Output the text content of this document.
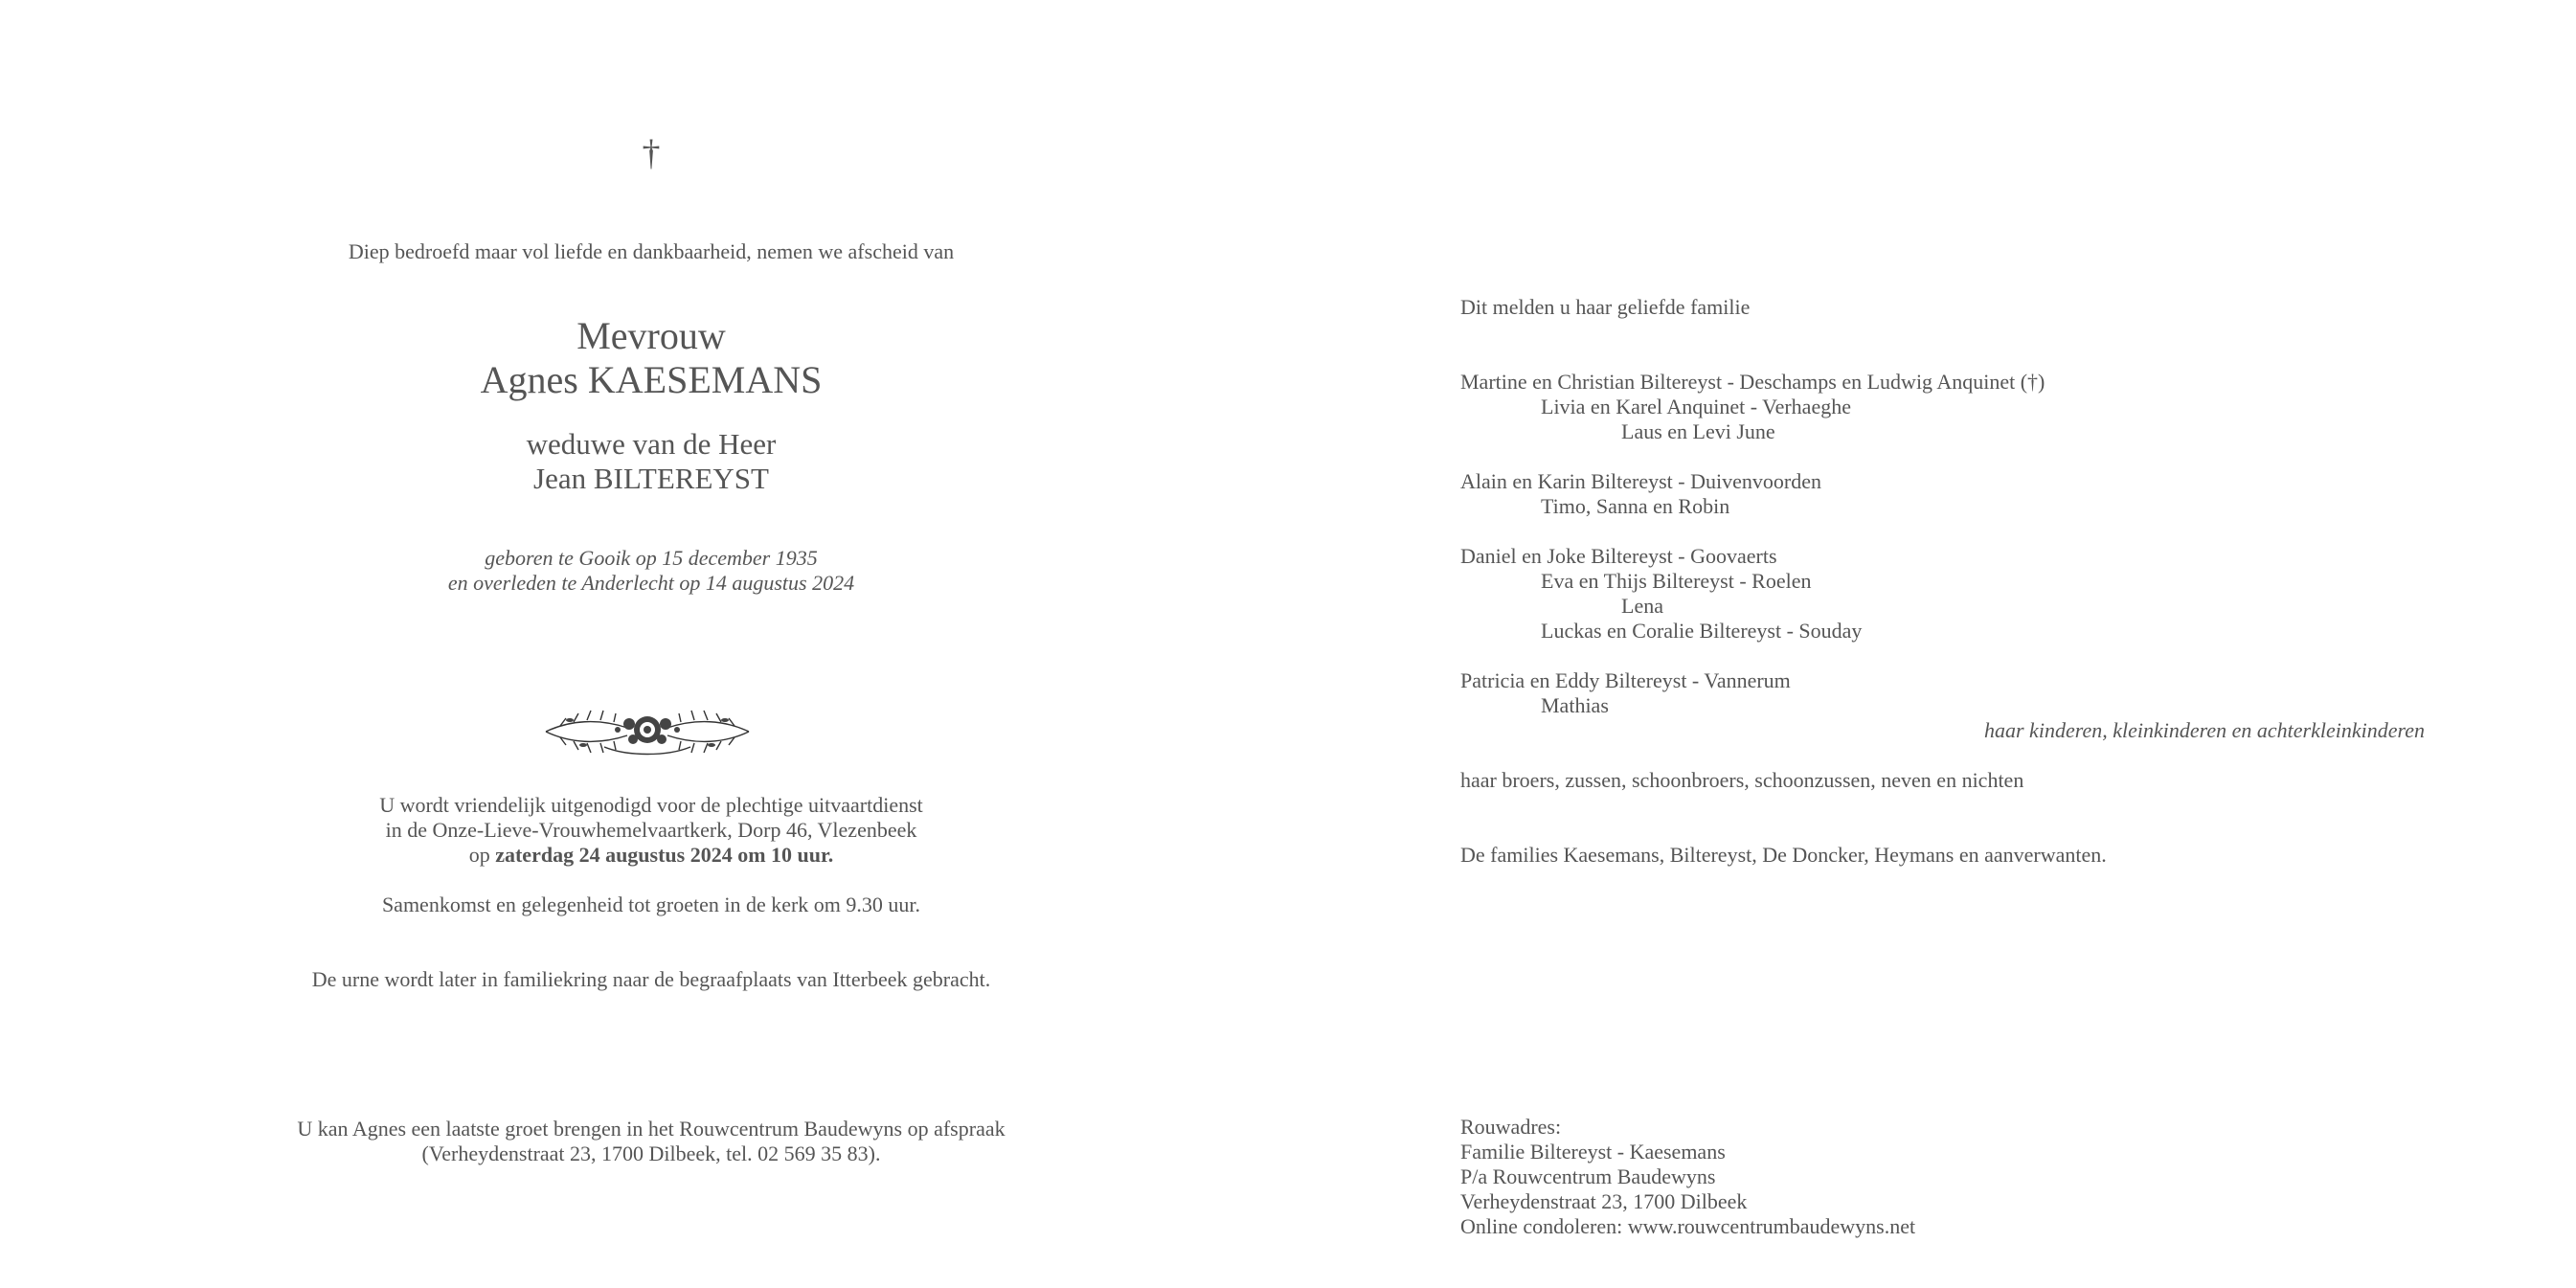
†
Diep bedroefd maar vol liefde en dankbaarheid, nemen we afscheid van
Mevrouw
Agnes KAESEMANS
weduwe van de Heer
Jean BILTEREYST
geboren te Gooik op 15 december 1935
en overleden te Anderlecht op 14 augustus 2024
U wordt vriendelijk uitgenodigd voor de plechtige uitvaartdienst
in de Onze-Lieve-Vrouwhemelvaartkerk, Dorp 46, Vlezenbeek
op zaterdag 24 augustus 2024 om 10 uur.
Samenkomst en gelegenheid tot groeten in de kerk om 9.30 uur.
De urne wordt later in familiekring naar de begraafplaats van Itterbeek gebracht.
U kan Agnes een laatste groet brengen in het Rouwcentrum Baudewyns op afspraak
(Verheydenstraat 23, 1700 Dilbeek, tel. 02 569 35 83).
Dit melden u haar geliefde familie
Martine en Christian Biltereyst - Deschamps en Ludwig Anquinet (†)
Livia en Karel Anquinet - Verhaeghe
Laus en Levi June
Alain en Karin Biltereyst - Duivenvoorden
Timo, Sanna en Robin
Daniel en Joke Biltereyst - Goovaerts
Eva en Thijs Biltereyst - Roelen
Lena
Luckas en Coralie Biltereyst - Souday
Patricia en Eddy Biltereyst - Vannerum
Mathias
haar kinderen, kleinkinderen en achterkleinkinderen
haar broers, zussen, schoonbroers, schoonzussen, neven en nichten
De families Kaesemans, Biltereyst, De Doncker, Heymans en aanverwanten.
Rouwadres:
Familie Biltereyst - Kaesemans
P/a Rouwcentrum Baudewyns
Verheydenstraat 23, 1700 Dilbeek
Online condoleren: www.rouwcentrumbaudewyns.net
